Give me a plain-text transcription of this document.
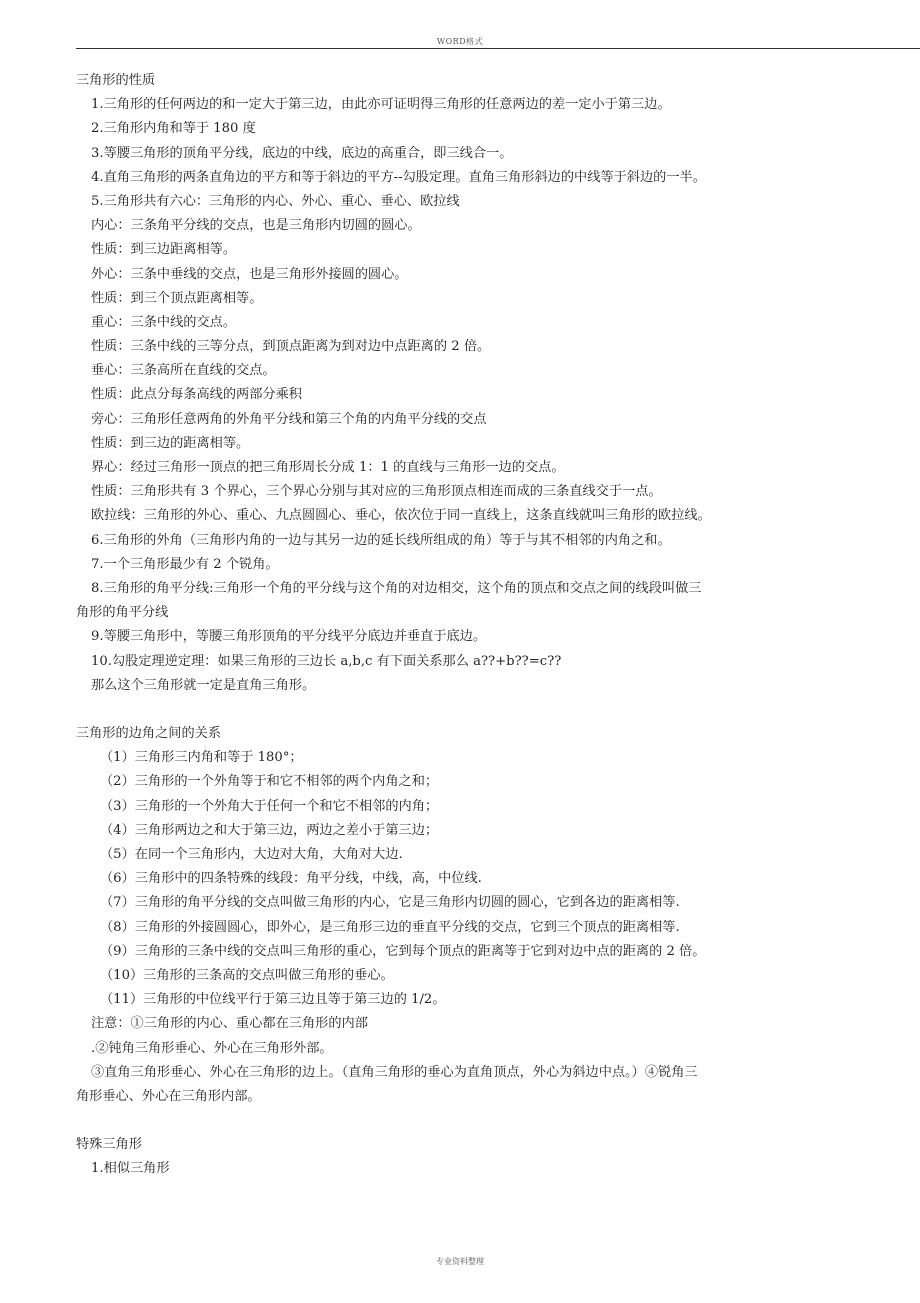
WORD格式
三角形的性质
1.三角形的任何两边的和一定大于第三边，由此亦可证明得三角形的任意两边的差一定小于第三边。
2.三角形内角和等于 180 度
3.等腰三角形的顶角平分线，底边的中线，底边的高重合，即三线合一。
4.直角三角形的两条直角边的平方和等于斜边的平方--勾股定理。直角三角形斜边的中线等于斜边的一半。
5.三角形共有六心：三角形的内心、外心、重心、垂心、欧拉线
内心：三条角平分线的交点，也是三角形内切圆的圆心。
性质：到三边距离相等。
外心：三条中垂线的交点，也是三角形外接圆的圆心。
性质：到三个顶点距离相等。
重心：三条中线的交点。
性质：三条中线的三等分点，到顶点距离为到对边中点距离的 2 倍。
垂心：三条高所在直线的交点。
性质：此点分每条高线的两部分乘积
旁心：三角形任意两角的外角平分线和第三个角的内角平分线的交点
性质：到三边的距离相等。
界心：经过三角形一顶点的把三角形周长分成 1：1 的直线与三角形一边的交点。
性质：三角形共有 3 个界心，三个界心分别与其对应的三角形顶点相连而成的三条直线交于一点。
欧拉线：三角形的外心、重心、九点圆圆心、垂心，依次位于同一直线上，这条直线就叫三角形的欧拉线。
6.三角形的外角（三角形内角的一边与其另一边的延长线所组成的角）等于与其不相邻的内角之和。
7.一个三角形最少有 2 个锐角。
8.三角形的角平分线:三角形一个角的平分线与这个角的对边相交，这个角的顶点和交点之间的线段叫做三
角形的角平分线
9.等腰三角形中，等腰三角形顶角的平分线平分底边并垂直于底边。
10.勾股定理逆定理：如果三角形的三边长 a,b,c 有下面关系那么 a??+b??=c??
那么这个三角形就一定是直角三角形。
三角形的边角之间的关系
（1）三角形三内角和等于 180°；
（2）三角形的一个外角等于和它不相邻的两个内角之和；
（3）三角形的一个外角大于任何一个和它不相邻的内角；
（4）三角形两边之和大于第三边，两边之差小于第三边；
（5）在同一个三角形内，大边对大角，大角对大边.
（6）三角形中的四条特殊的线段：角平分线，中线，高，中位线.
（7）三角形的角平分线的交点叫做三角形的内心，它是三角形内切圆的圆心，它到各边的距离相等.
（8）三角形的外接圆圆心，即外心，是三角形三边的垂直平分线的交点，它到三个顶点的距离相等.
（9）三角形的三条中线的交点叫三角形的重心，它到每个顶点的距离等于它到对边中点的距离的 2 倍。
（10）三角形的三条高的交点叫做三角形的垂心。
（11）三角形的中位线平行于第三边且等于第三边的 1/2。
注意：①三角形的内心、重心都在三角形的内部
.②钝角三角形垂心、外心在三角形外部。
③直角三角形垂心、外心在三角形的边上。（直角三角形的垂心为直角顶点，外心为斜边中点。）④锐角三
角形垂心、外心在三角形内部。
特殊三角形
1.相似三角形
专业资料整理
